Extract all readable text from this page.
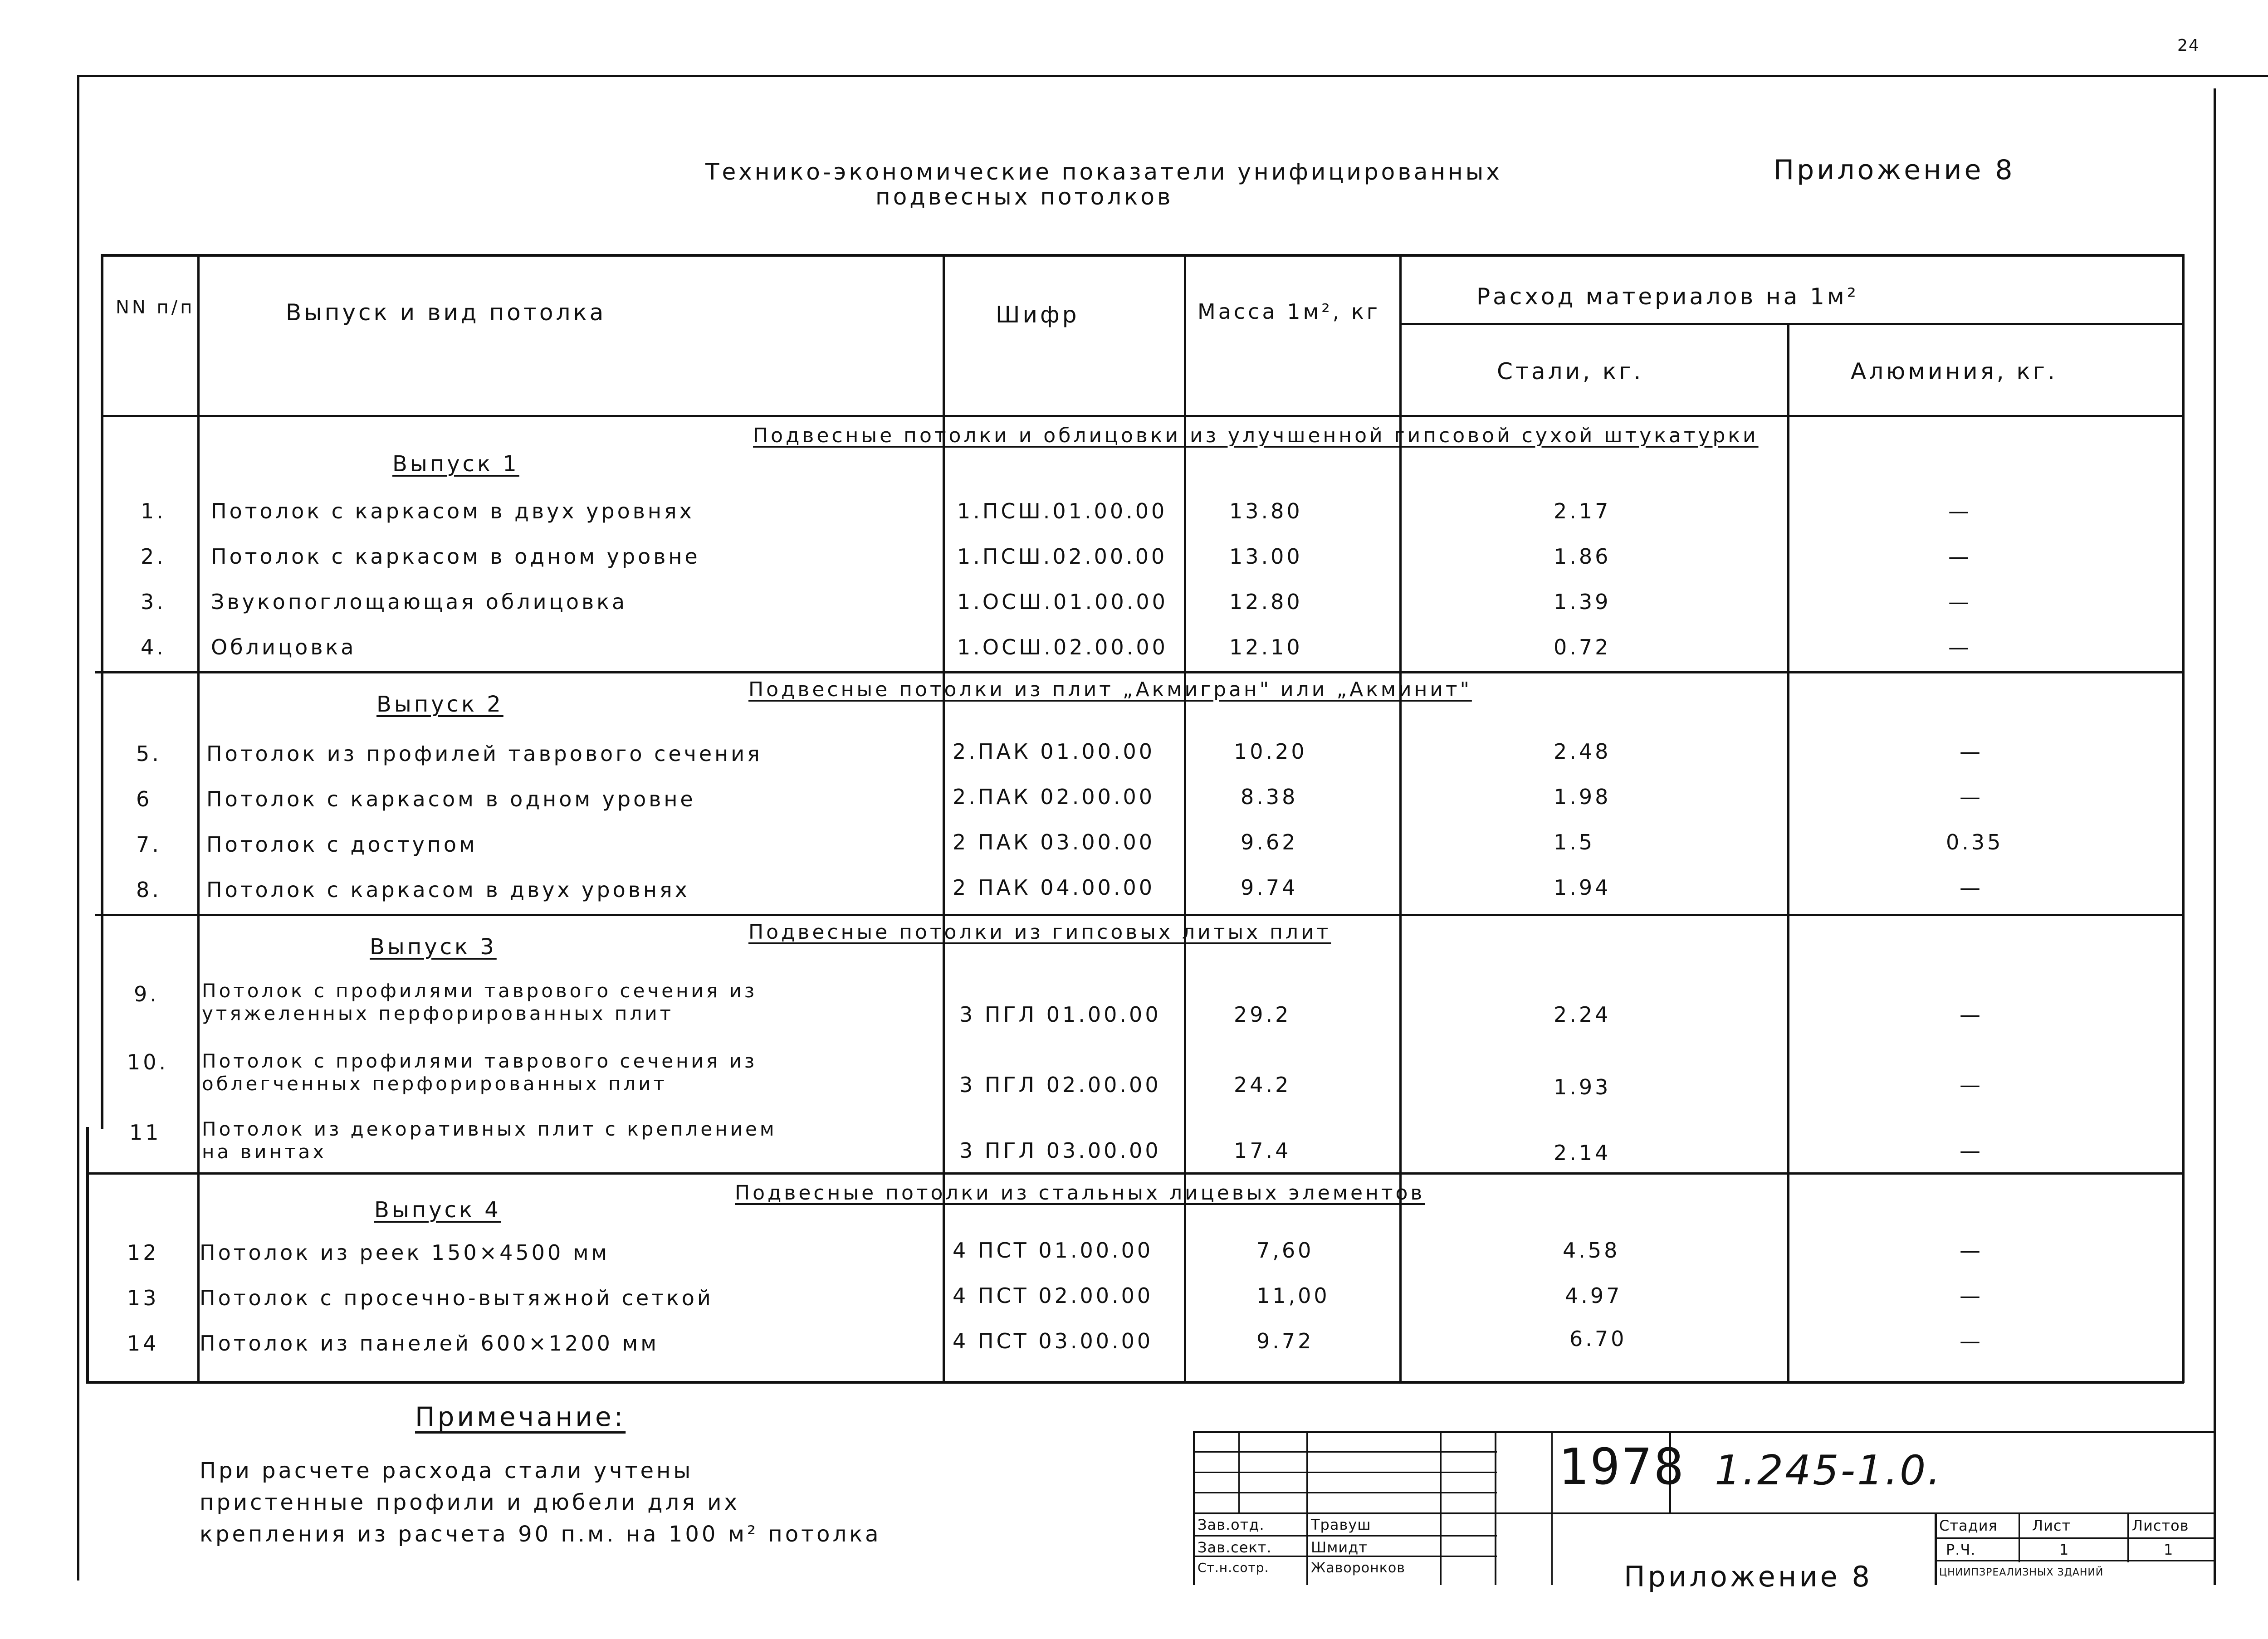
24
Технико-экономические показатели унифицированных
подвесных потолков
Приложение 8
NN п/п	Выпуск и вид потолка	Шифр	Масса 1м², кг
Расход материалов на 1м²
Стали, кг.	Алюминия, кг.
Выпуск 1
Подвесные потолки и облицовки из улучшенной гипсовой сухой штукатурки
1. Потолок с каркасом в двух уровнях	1.ПСШ.01.00.00	13.80	2.17	—
2. Потолок с каркасом в одном уровне	1.ПСШ.02.00.00	13.00	1.86	—
3. Звукопоглощающая облицовка	1.ОСШ.01.00.00	12.80	1.39	—
4. Облицовка	1.ОСШ.02.00.00	12.10	0.72	—
Выпуск 2
Подвесные потолки из плит „Акмигран" или „Акминит"
5. Потолок из профилей таврового сечения	2.ПАК 01.00.00	10.20	2.48	—
6	Потолок с каркасом в одном уровне	2.ПАК 02.00.00	8.38	1.98	—
7. Потолок с доступом	2 ПАК 03.00.00	9.62	1.5	0.35
8. Потолок с каркасом в двух уровнях	2 ПАК 04.00.00	9.74	1.94	—
Выпуск 3
Подвесные потолки из гипсовых литых плит
9. Потолок с профилями таврового сечения из
утяжеленных перфорированных плит	3 ПГЛ 01.00.00	29.2	2.24	—
10. Потолок с профилями таврового сечения из
облегченных перфорированных плит	3 ПГЛ 02.00.00	24.2	1.93	—
11 Потолок из декоративных плит с креплением
на винтах	3 ПГЛ 03.00.00	17.4	2.14	—
Выпуск 4
Подвесные потолки из стальных лицевых элементов
12 Потолок из реек 150×4500 мм	4 ПСТ 01.00.00	7,60	4.58	—
13 Потолок с просечно-вытяжной сеткой	4 ПСТ 02.00.00	11,00	4.97	—
14 Потолок из панелей 600×1200 мм	4 ПСТ 03.00.00	9.72	6.70	—
Примечание:
При расчете расхода стали учтены
пристенные профили и дюбели для их
крепления из расчета 90 п.м. на 100 м² потолка
1978 1.245-1.0.
Зав.отд.	Травуш
Зав.сект.	Шмидт
Ст.н.сотр.	Жаворонков
Стадия Лист	Листов
Р.Ч.	1	1
Приложение 8	ЦНИИПЗРЕАЛИЗНЫХ ЗДАНИЙ
